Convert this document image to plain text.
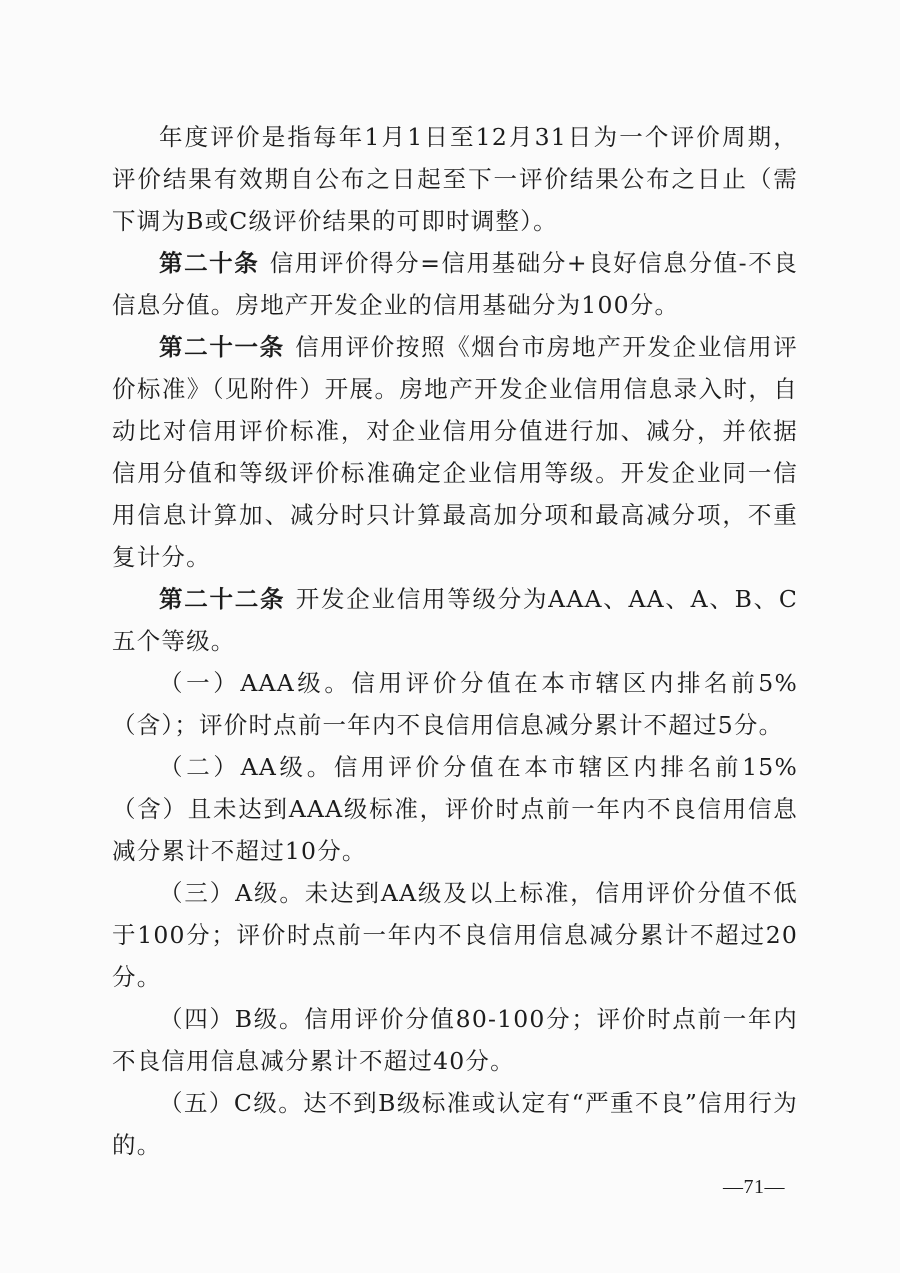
年度评价是指每年1月1日至12月31日为一个评价周期，评价结果有效期自公布之日起至下一评价结果公布之日止（需下调为B或C级评价结果的可即时调整）。

第二十条 信用评价得分=信用基础分+良好信息分值-不良信息分值。房地产开发企业的信用基础分为100分。

第二十一条 信用评价按照《烟台市房地产开发企业信用评价标准》（见附件）开展。房地产开发企业信用信息录入时，自动比对信用评价标准，对企业信用分值进行加、减分，并依据信用分值和等级评价标准确定企业信用等级。开发企业同一信用信息计算加、减分时只计算最高加分项和最高减分项，不重复计分。

第二十二条 开发企业信用等级分为AAA、AA、A、B、C五个等级。

（一）AAA级。信用评价分值在本市辖区内排名前5%（含）；评价时点前一年内不良信用信息减分累计不超过5分。

（二）AA级。信用评价分值在本市辖区内排名前15%（含）且未达到AAA级标准，评价时点前一年内不良信用信息减分累计不超过10分。

（三）A级。未达到AA级及以上标准，信用评价分值不低于100分；评价时点前一年内不良信用信息减分累计不超过20分。

（四）B级。信用评价分值80-100分；评价时点前一年内不良信用信息减分累计不超过40分。

（五）C级。达不到B级标准或认定有“严重不良”信用行为的。

—71—
